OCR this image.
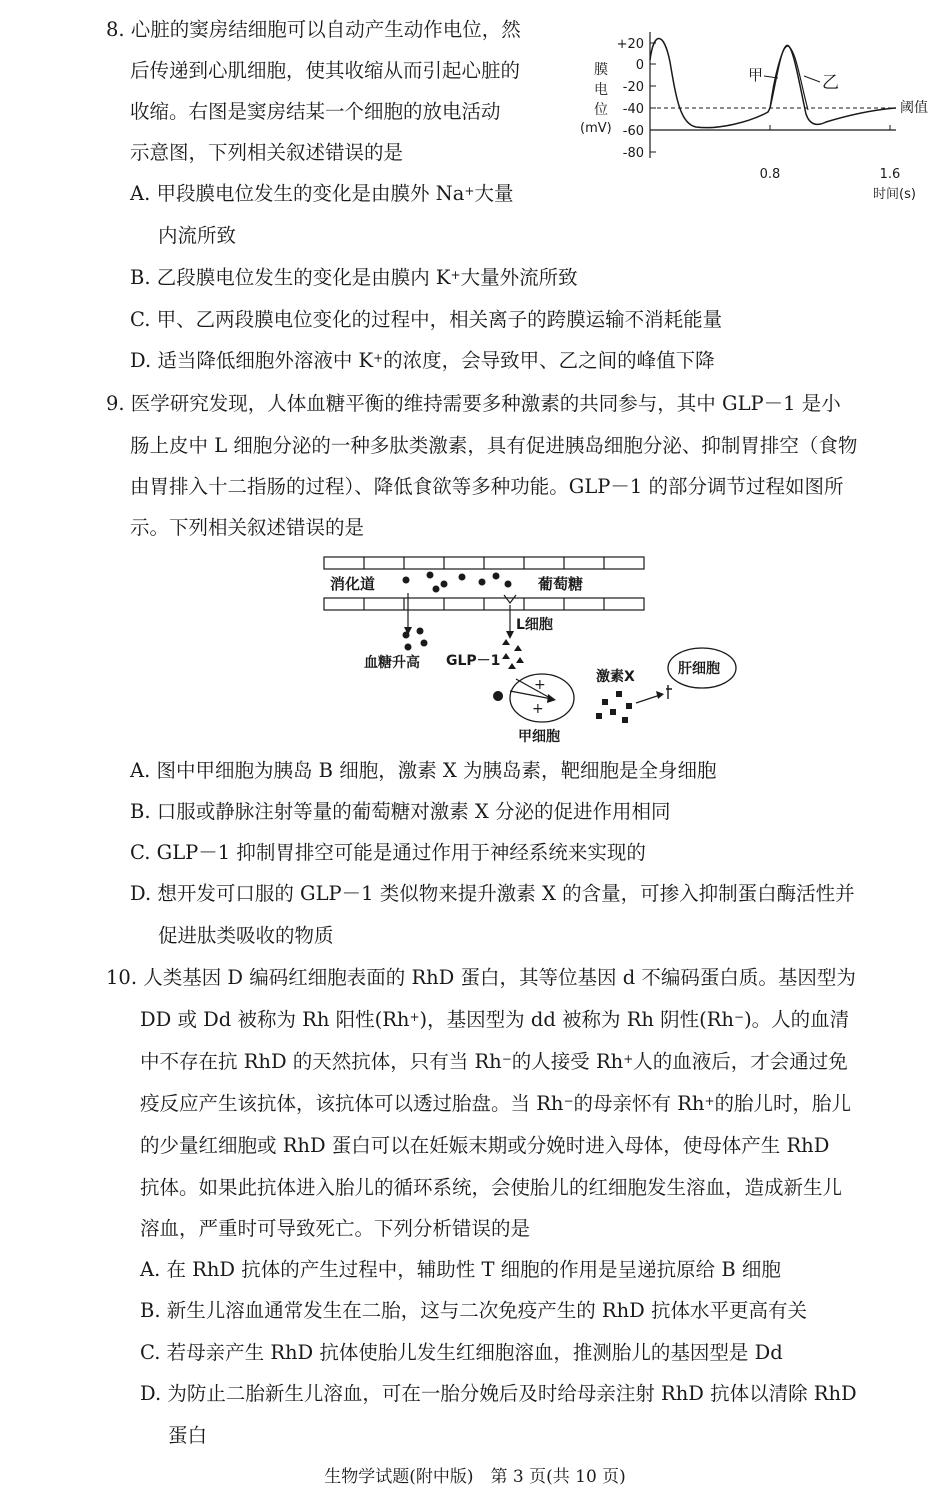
8. 心脏的窦房结细胞可以自动产生动作电位，然
后传递到心肌细胞，使其收缩从而引起心脏的
收缩。右图是窦房结某一个细胞的放电活动
示意图，下列相关叙述错误的是
A. 甲段膜电位发生的变化是由膜外 Na+大量
内流所致
B. 乙段膜电位发生的变化是由膜内 K+大量外流所致
C. 甲、乙两段膜电位变化的过程中，相关离子的跨膜运输不消耗能量
D. 适当降低细胞外溶液中 K+的浓度，会导致甲、乙之间的峰值下降
膜
电
位
(mV)
+20
0
-20
-40
-60
-80
0.8	1.6
时间(s)
甲	乙
阈值
9. 医学研究发现，人体血糖平衡的维持需要多种激素的共同参与，其中 GLP－1 是小
肠上皮中 L 细胞分泌的一种多肽类激素，具有促进胰岛细胞分泌、抑制胃排空（食物
由胃排入十二指肠的过程）、降低食欲等多种功能。GLP－1 的部分调节过程如图所
示。下列相关叙述错误的是
消化道	葡萄糖
血糖升高
L细胞
GLP－1
+
+
甲细胞
激素X	肝细胞
A. 图中甲细胞为胰岛 B 细胞，激素 X 为胰岛素，靶细胞是全身细胞
B. 口服或静脉注射等量的葡萄糖对激素 X 分泌的促进作用相同
C. GLP－1 抑制胃排空可能是通过作用于神经系统来实现的
D. 想开发可口服的 GLP－1 类似物来提升激素 X 的含量，可掺入抑制蛋白酶活性并
促进肽类吸收的物质
10. 人类基因 D 编码红细胞表面的 RhD 蛋白，其等位基因 d 不编码蛋白质。基因型为
DD 或 Dd 被称为 Rh 阳性(Rh+)，基因型为 dd 被称为 Rh 阴性(Rh−)。人的血清
中不存在抗 RhD 的天然抗体，只有当 Rh−的人接受 Rh+人的血液后，才会通过免
疫反应产生该抗体，该抗体可以透过胎盘。当 Rh−的母亲怀有 Rh+的胎儿时，胎儿
的少量红细胞或 RhD 蛋白可以在妊娠末期或分娩时进入母体，使母体产生 RhD
抗体。如果此抗体进入胎儿的循环系统，会使胎儿的红细胞发生溶血，造成新生儿
溶血，严重时可导致死亡。下列分析错误的是
A. 在 RhD 抗体的产生过程中，辅助性 T 细胞的作用是呈递抗原给 B 细胞
B. 新生儿溶血通常发生在二胎，这与二次免疫产生的 RhD 抗体水平更高有关
C. 若母亲产生 RhD 抗体使胎儿发生红细胞溶血，推测胎儿的基因型是 Dd
D. 为防止二胎新生儿溶血，可在一胎分娩后及时给母亲注射 RhD 抗体以清除 RhD
蛋白
生物学试题(附中版)　第 3 页(共 10 页)
